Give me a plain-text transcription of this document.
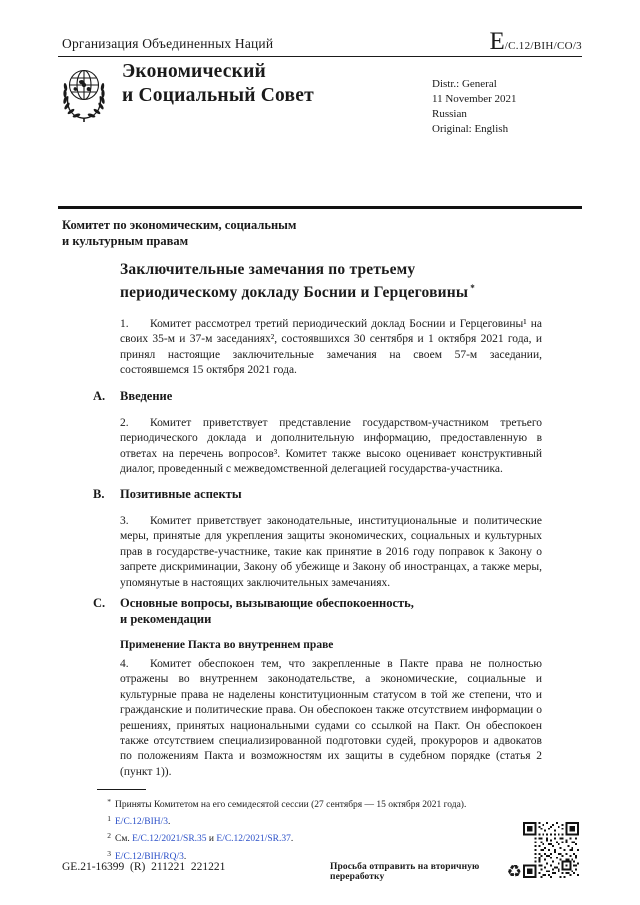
Организация Объединенных Наций	E /C.12/BIH/CO/3
Экономический
и Социальный Совет
Distr.: General
11 November 2021
Russian
Original: English
Комитет по экономическим, социальным
и культурным правам
Заключительные замечания по третьему
периодическому докладу Боснии и Герцеговины *

1. Комитет рассмотрел третий периодический доклад Боснии и Герцеговины¹ на своих 35-м и 37-м заседаниях², состоявшихся 30 сентября и 1 октября 2021 года, и принял настоящие заключительные замечания на своем 57-м заседании, состоявшемся 15 октября 2021 года.

A.	Введение

2. Комитет приветствует представление государством-участником третьего периодического доклада и дополнительную информацию, предоставленную в ответах на перечень вопросов³. Комитет также высоко оценивает конструктивный диалог, проведенный с межведомственной делегацией государства-участника.

B.	Позитивные аспекты

3. Комитет приветствует законодательные, институциональные и политические меры, принятые для укрепления защиты экономических, социальных и культурных прав в государстве-участнике, такие как принятие в 2016 году поправок к Закону о запрете дискриминации, Закону об убежище и Закону об иностранцах, а также меры, упомянутые в настоящих заключительных замечаниях.

C.	Основные вопросы, вызывающие обеспокоенность,
и рекомендации
Применение Пакта во внутреннем праве

4. Комитет обеспокоен тем, что закрепленные в Пакте права не полностью отражены во внутреннем законодательстве, а экономические, социальные и культурные права не наделены конституционным статусом в той же степени, что и гражданские и политические права. Он обеспокоен также отсутствием информации о решениях, принятых национальными судами со ссылкой на Пакт. Он обеспокоен также отсутствием специализированной подготовки судей, прокуроров и адвокатов по положениям Пакта и возможностям их защиты в судебном порядке (статья 2 (пункт 1)).

* Приняты Комитетом на его семидесятой сессии (27 сентября — 15 октября 2021 года).
1 E/C.12/BIH/3.
2 См. E/C.12/2021/SR.35 и E/C.12/2021/SR.37.
3 E/C.12/BIH/RQ/3.
GE.21-16399  (R)  211221  221221	Просьба отправить на вторичную переработку	♻
